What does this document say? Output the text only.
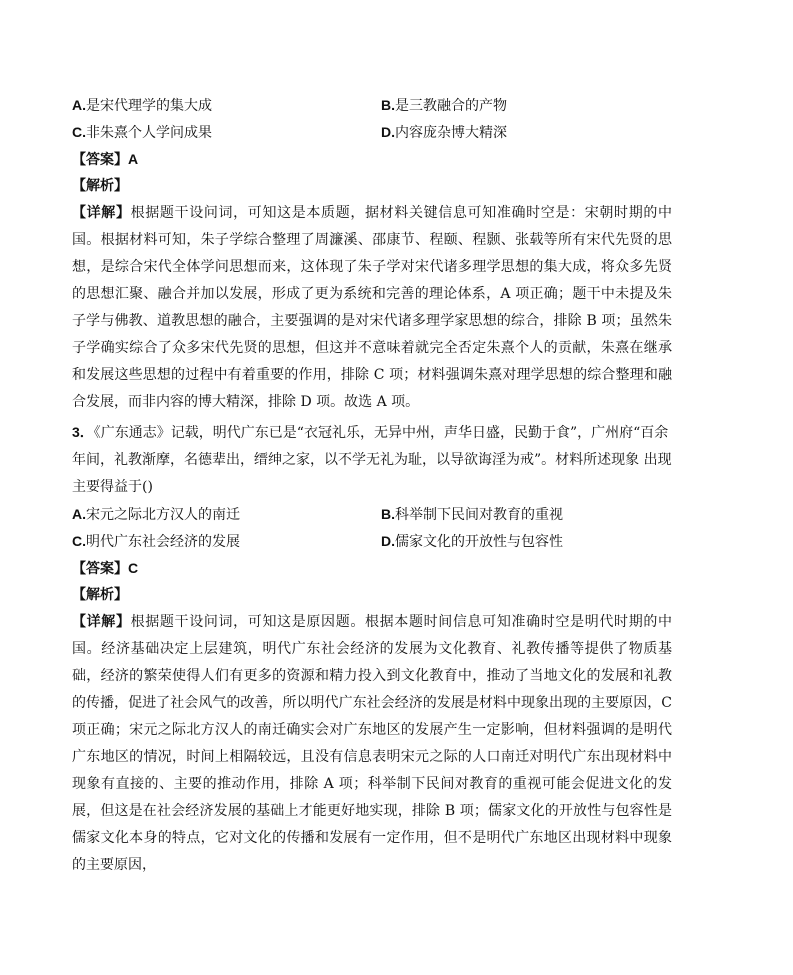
A.是宋代理学的集大成	B.是三教融合的产物
C.非朱熹个人学问成果	D.内容庞杂博大精深
【答案】A
【解析】
【详解】根据题干设问词，可知这是本质题，据材料关键信息可知准确时空是：宋朝时期的中国。根据材料可知，朱子学综合整理了周濂溪、邵康节、程颐、程颢、张载等所有宋代先贤的思想，是综合宋代全体学问思想而来，这体现了朱子学对宋代诸多理学思想的集大成，将众多先贤的思想汇聚、融合并加以发展，形成了更为系统和完善的理论体系，A 项正确；题干中未提及朱子学与佛教、道教思想的融合，主要强调的是对宋代诸多理学家思想的综合，排除 B 项；虽然朱子学确实综合了众多宋代先贤的思想，但这并不意味着就完全否定朱熹个人的贡献，朱熹在继承和发展这些思想的过程中有着重要的作用，排除 C 项；材料强调朱熹对理学思想的综合整理和融合发展，而非内容的博大精深，排除 D 项。故选 A 项。
3．《广东通志》记载，明代广东已是“衣冠礼乐，无异中州，声华日盛，民勤于食”，广州府“百余年间，礼教渐摩，名德辈出，缙绅之家，以不学无礼为耻，以导欲诲淫为戒”。材料所述现象 出现主要得益于()
A.宋元之际北方汉人的南迁	B.科举制下民间对教育的重视
C.明代广东社会经济的发展	D.儒家文化的开放性与包容性
【答案】C
【解析】
【详解】根据题干设问词，可知这是原因题。根据本题时间信息可知准确时空是明代时期的中国。经济基础决定上层建筑，明代广东社会经济的发展为文化教育、礼教传播等提供了物质基础，经济的繁荣使得人们有更多的资源和精力投入到文化教育中，推动了当地文化的发展和礼教的传播，促进了社会风气的改善，所以明代广东社会经济的发展是材料中现象出现的主要原因，C 项正确；宋元之际北方汉人的南迁确实会对广东地区的发展产生一定影响，但材料强调的是明代广东地区的情况，时间上相隔较远，且没有信息表明宋元之际的人口南迁对明代广东出现材料中现象有直接的、主要的推动作用，排除 A 项；科举制下民间对教育的重视可能会促进文化的发展，但这是在社会经济发展的基础上才能更好地实现，排除 B 项；儒家文化的开放性与包容性是儒家文化本身的特点，它对文化的传播和发展有一定作用，但不是明代广东地区出现材料中现象的主要原因，
